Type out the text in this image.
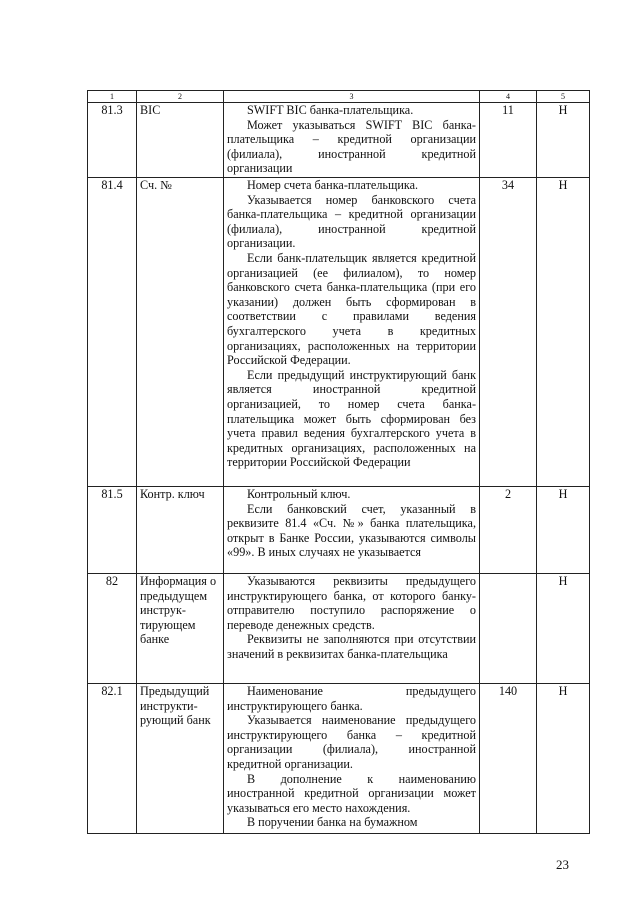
1	2	3	4	5
81.3	BIC	SWIFT BIC банка-плательщика.

Может указываться SWIFT BIC банка-плательщика – кредитной организации (филиала), иностранной кредитной организации	11	Н
81.4	Сч. №	Номер счета банка-плательщика.

Указывается номер банковского счета банка-плательщика – кредитной организации (филиала), иностранной кредитной организации.

Если банк-плательщик является кредитной организацией (ее филиалом), то номер банковского счета банка-плательщика (при его указании) должен быть сформирован в соответствии с правилами ведения бухгалтерского учета в кредитных организациях, расположенных на территории Российской Федерации.

Если предыдущий инструктирующий банк является иностранной кредитной организацией, то номер счета банка-плательщика может быть сформирован без учета правил ведения бухгалтерского учета в кредитных организациях, расположенных на территории Российской Федерации	34	Н
81.5	Контр. ключ	Контрольный ключ.

Если банковский счет, указанный в реквизите 81.4 «Сч. №» банка плательщика, открыт в Банке России, указываются символы «99». В иных случаях не указывается	2	Н
82	Информация о предыдущем инструк-тирующем банке	Указываются реквизиты предыдущего инструктирующего банка, от которого банку-отправителю поступило распоряжение о переводе денежных средств.

Реквизиты не заполняются при отсутствии значений в реквизитах банка-плательщика		Н
82.1	Предыдущий инструкти-рующий банк	Наименование предыдущего инструктирующего банка.

Указывается наименование предыдущего инструктирующего банка – кредитной организации (филиала), иностранной кредитной организации.

В дополнение к наименованию иностранной кредитной организации может указываться его место нахождения.

В поручении банка на бумажном	140	Н
23
